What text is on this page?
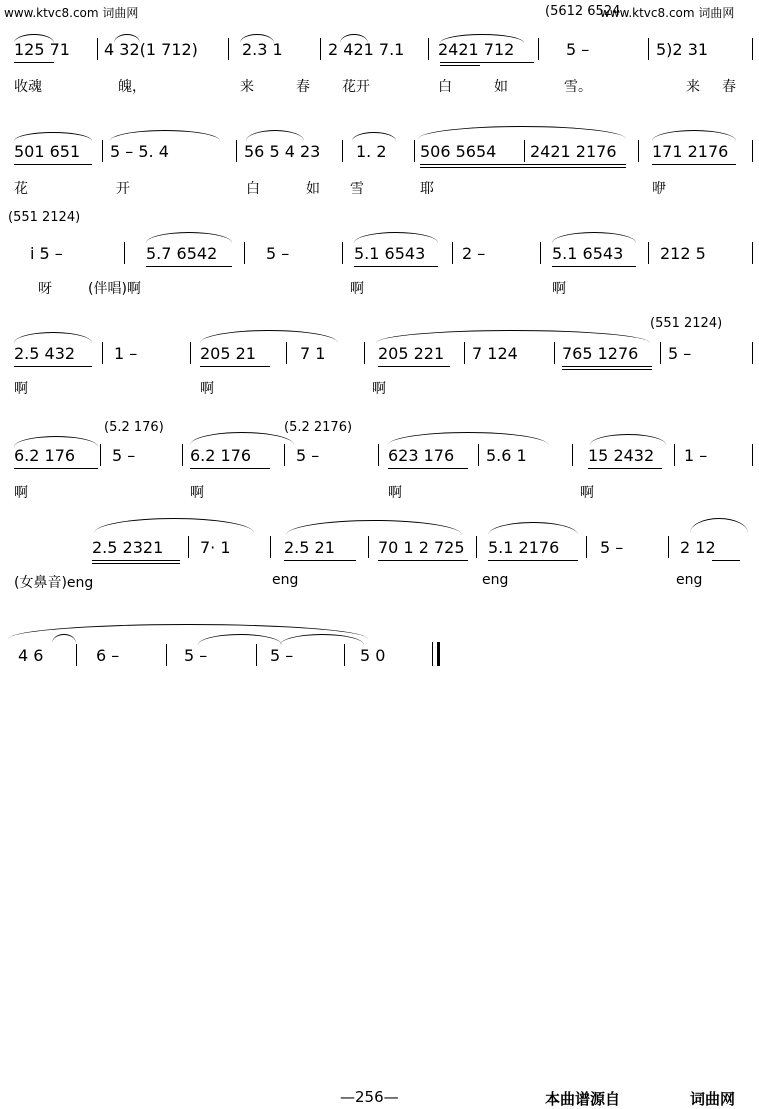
www.ktvc8.com 词曲网	www.ktvc8.com 词曲网
(5612 6524
125 71 4 32(1 712)	2.3 1	2 421 7.1 2421 712	5 –	5)2 31
收魂	魄，	来	春 花开	白	如	雪。	来 春
501 651 5 – 5. 4	56 5 4 23 1. 2 506 5654 2421 2176 171 2176
花	开	白	如 雪	耶	咿
(551 2124)
i 5 –	5.7 6542	5 –	5.1 6543 2 –	5.1 6543 212 5
呀	(伴唱)啊	啊	啊
(551 2124)
2.5 432 1 –	205 21	7 1	205 221 7 124	765 1276 5 –
啊	啊	啊
(5.2 176)	(5.2 2176)
6.2 176 5 –	6.2 176	5 –	623 176 5.6 1	15 2432 1 –
啊	啊	啊	啊
2.5 2321 7· 1	2.5 21	70 1 2 725 5.1 2176	5 –	2 12
(女鼻音)eng	eng	eng	eng
4 6	6 –	5 –	5 –	5 0
—256—	本曲谱源自	词曲网
